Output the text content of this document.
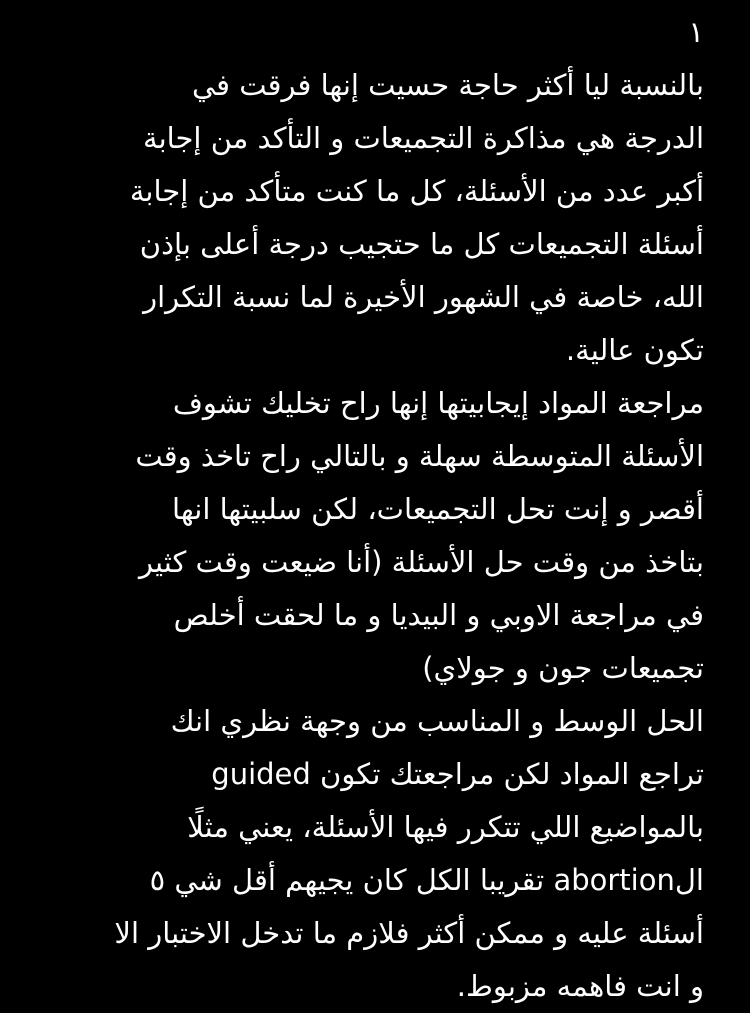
١
بالنسبة ليا أكثر حاجة حسيت إنها فرقت في
الدرجة هي مذاكرة التجميعات و التأكد من إجابة
أكبر عدد من الأسئلة، كل ما كنت متأكد من إجابة
أسئلة التجميعات كل ما حتجيب درجة أعلى بإذن
الله، خاصة في الشهور الأخيرة لما نسبة التكرار
تكون عالية.
مراجعة المواد إيجابيتها إنها راح تخليك تشوف
الأسئلة المتوسطة سهلة و بالتالي راح تاخذ وقت
أقصر و إنت تحل التجميعات، لكن سلبيتها انها
بتاخذ من وقت حل الأسئلة (أنا ضيعت وقت كثير
في مراجعة الاوبي و البيديا و ما لحقت أخلص
تجميعات جون و جولاي)
الحل الوسط و المناسب من وجهة نظري انك
تراجع المواد لكن مراجعتك تكون guided
بالمواضيع اللي تتكرر فيها الأسئلة، يعني مثلًا
الabortion تقريبا الكل كان يجيهم أقل شي ٥
أسئلة عليه و ممكن أكثر فلازم ما تدخل الاختبار الا
و انت فاهمه مزبوط.
